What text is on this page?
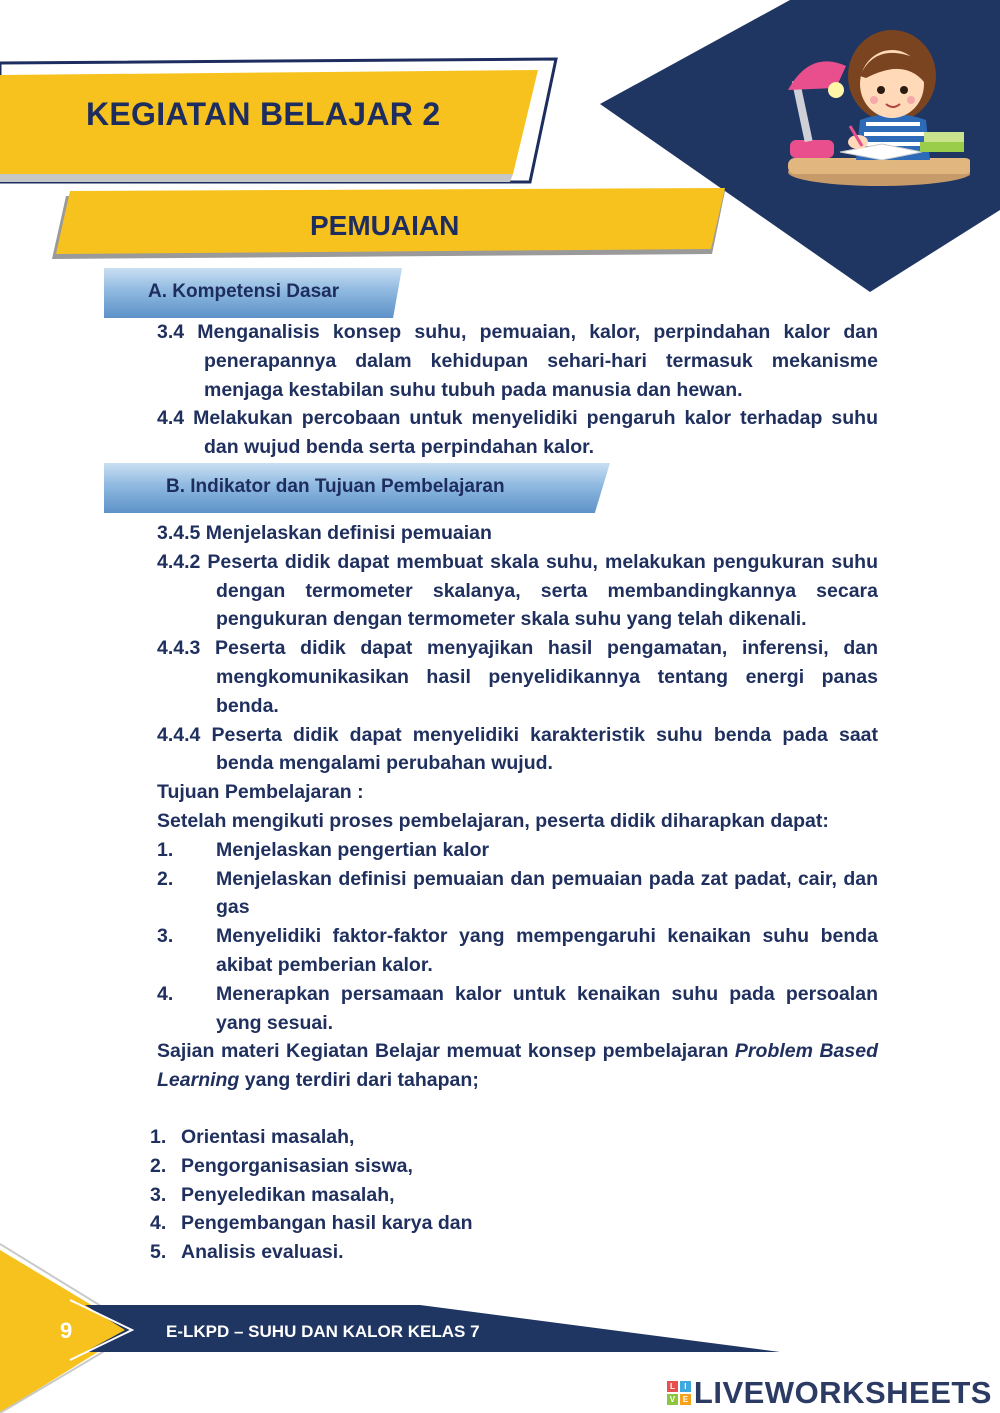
KEGIATAN BELAJAR 2
PEMUAIAN
A. Kompetensi Dasar
3.4 Menganalisis konsep suhu, pemuaian, kalor, perpindahan kalor dan penerapannya dalam kehidupan sehari-hari termasuk mekanisme menjaga kestabilan suhu tubuh pada manusia dan hewan.
4.4 Melakukan percobaan untuk menyelidiki pengaruh kalor terhadap suhu dan wujud benda serta perpindahan kalor.
B. Indikator dan Tujuan Pembelajaran
3.4.5 Menjelaskan definisi pemuaian
4.4.2 Peserta didik dapat membuat skala suhu, melakukan pengukuran suhu dengan termometer skalanya, serta membandingkannya secara pengukuran dengan termometer skala suhu yang telah dikenali.
4.4.3 Peserta didik dapat menyajikan hasil pengamatan, inferensi, dan mengkomunikasikan hasil penyelidikannya tentang energi panas benda.
4.4.4 Peserta didik dapat menyelidiki karakteristik suhu benda pada saat benda mengalami perubahan wujud.
Tujuan Pembelajaran :
Setelah mengikuti proses pembelajaran, peserta didik diharapkan dapat:
1.	Menjelaskan pengertian kalor
2.	Menjelaskan definisi pemuaian dan pemuaian pada zat padat, cair, dan gas
3.	Menyelidiki faktor-faktor yang mempengaruhi kenaikan suhu benda akibat pemberian kalor.
4.	Menerapkan persamaan kalor untuk kenaikan suhu pada persoalan yang sesuai.
Sajian materi Kegiatan Belajar memuat konsep pembelajaran Problem Based Learning yang terdiri dari tahapan;
1. Orientasi masalah,
2. Pengorganisasian siswa,
3. Penyeledikan masalah,
4. Pengembangan hasil karya dan
5. Analisis evaluasi.
9	E-LKPD – SUHU DAN KALOR KELAS 7
L	I
V E LIVEWORKSHEETS
